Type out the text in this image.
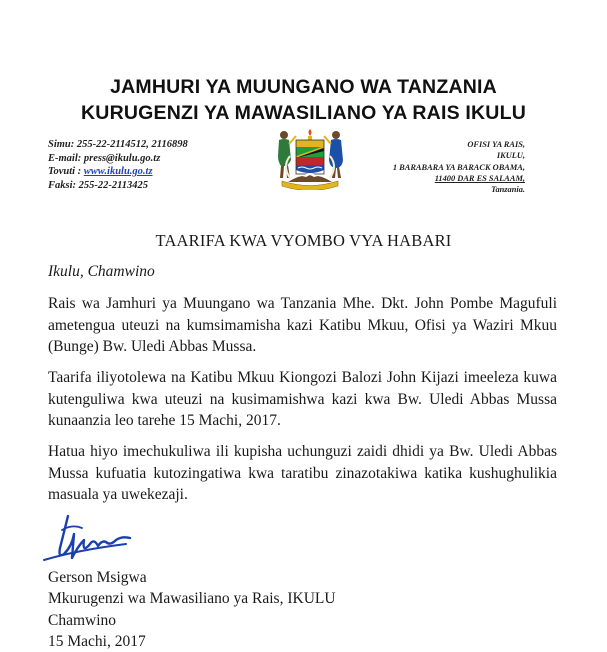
JAMHURI YA MUUNGANO WA TANZANIA
KURUGENZI YA MAWASILIANO YA RAIS IKULU
Simu: 255-22-2114512, 2116898
E-mail: press@ikulu.go.tz
Tovuti : www.ikulu.go.tz
Faksi: 255-22-2113425
OFISI YA RAIS,
IKULU,
1 BARABARA YA BARACK OBAMA,
11400 DAR ES SALAAM,
Tanzania.
TAARIFA KWA VYOMBO VYA HABARI
Ikulu, Chamwino

Rais wa Jamhuri ya Muungano wa Tanzania Mhe. Dkt. John Pombe Magufuli ametengua uteuzi na kumsimamisha kazi Katibu Mkuu, Ofisi ya Waziri Mkuu (Bunge) Bw. Uledi Abbas Mussa.

Taarifa iliyotolewa na Katibu Mkuu Kiongozi Balozi John Kijazi imeeleza kuwa kutenguliwa kwa uteuzi na kusimamishwa kazi kwa Bw. Uledi Abbas Mussa kunaanzia leo tarehe 15 Machi, 2017.

Hatua hiyo imechukuliwa ili kupisha uchunguzi zaidi dhidi ya Bw. Uledi Abbas Mussa kufuatia kutozingatiwa kwa taratibu zinazotakiwa katika kushughulikia masuala ya uwekezaji.

Gerson Msigwa
Mkurugenzi wa Mawasiliano ya Rais, IKULU
Chamwino
15 Machi, 2017
